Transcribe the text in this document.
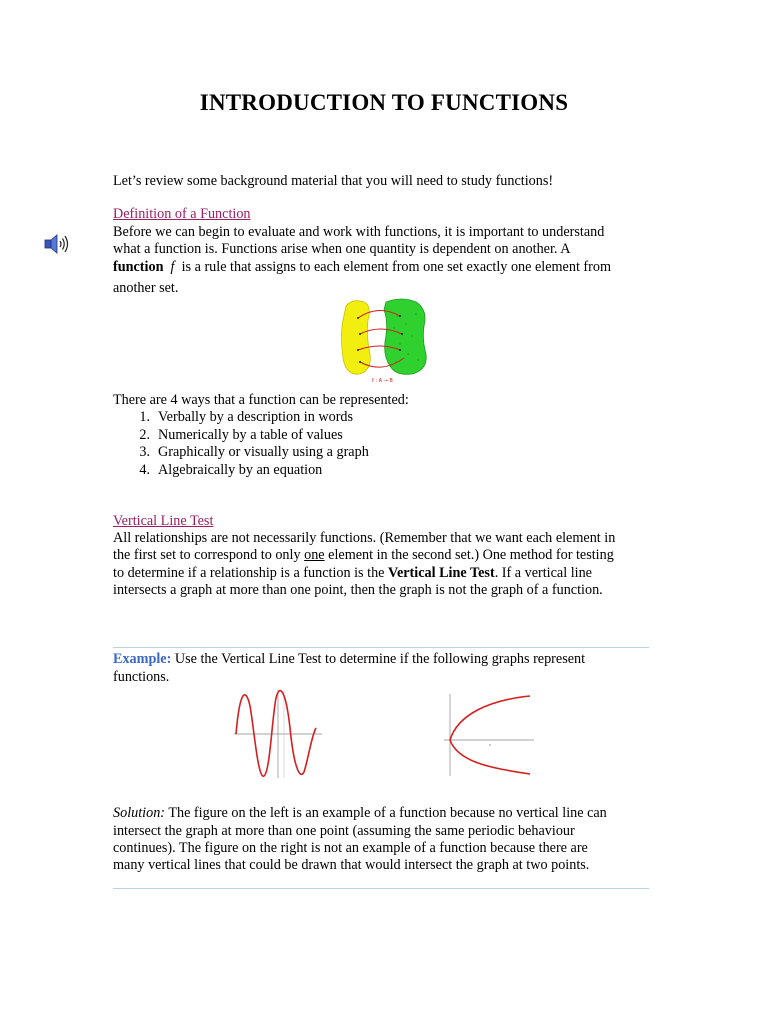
INTRODUCTION TO FUNCTIONS
Let’s review some background material that you will need to study functions!
Definition of a Function
Before we can begin to evaluate and work with functions, it is important to understand
what a function is. Functions arise when one quantity is dependent on another. A
function f  is a rule that assigns to each element from one set exactly one element from
another set.
f : A → B
There are 4 ways that a function can be represented:
1. Verbally by a description in words
2. Numerically by a table of values
3. Graphically or visually using a graph
4. Algebraically by an equation
Vertical Line Test
All relationships are not necessarily functions. (Remember that we want each element in
the first set to correspond to only one element in the second set.) One method for testing
to determine if a relationship is a function is the Vertical Line Test. If a vertical line
intersects a graph at more than one point, then the graph is not the graph of a function.
Example: Use the Vertical Line Test to determine if the following graphs represent
functions.
Solution: The figure on the left is an example of a function because no vertical line can
intersect the graph at more than one point (assuming the same periodic behaviour
continues). The figure on the right is not an example of a function because there are
many vertical lines that could be drawn that would intersect the graph at two points.
